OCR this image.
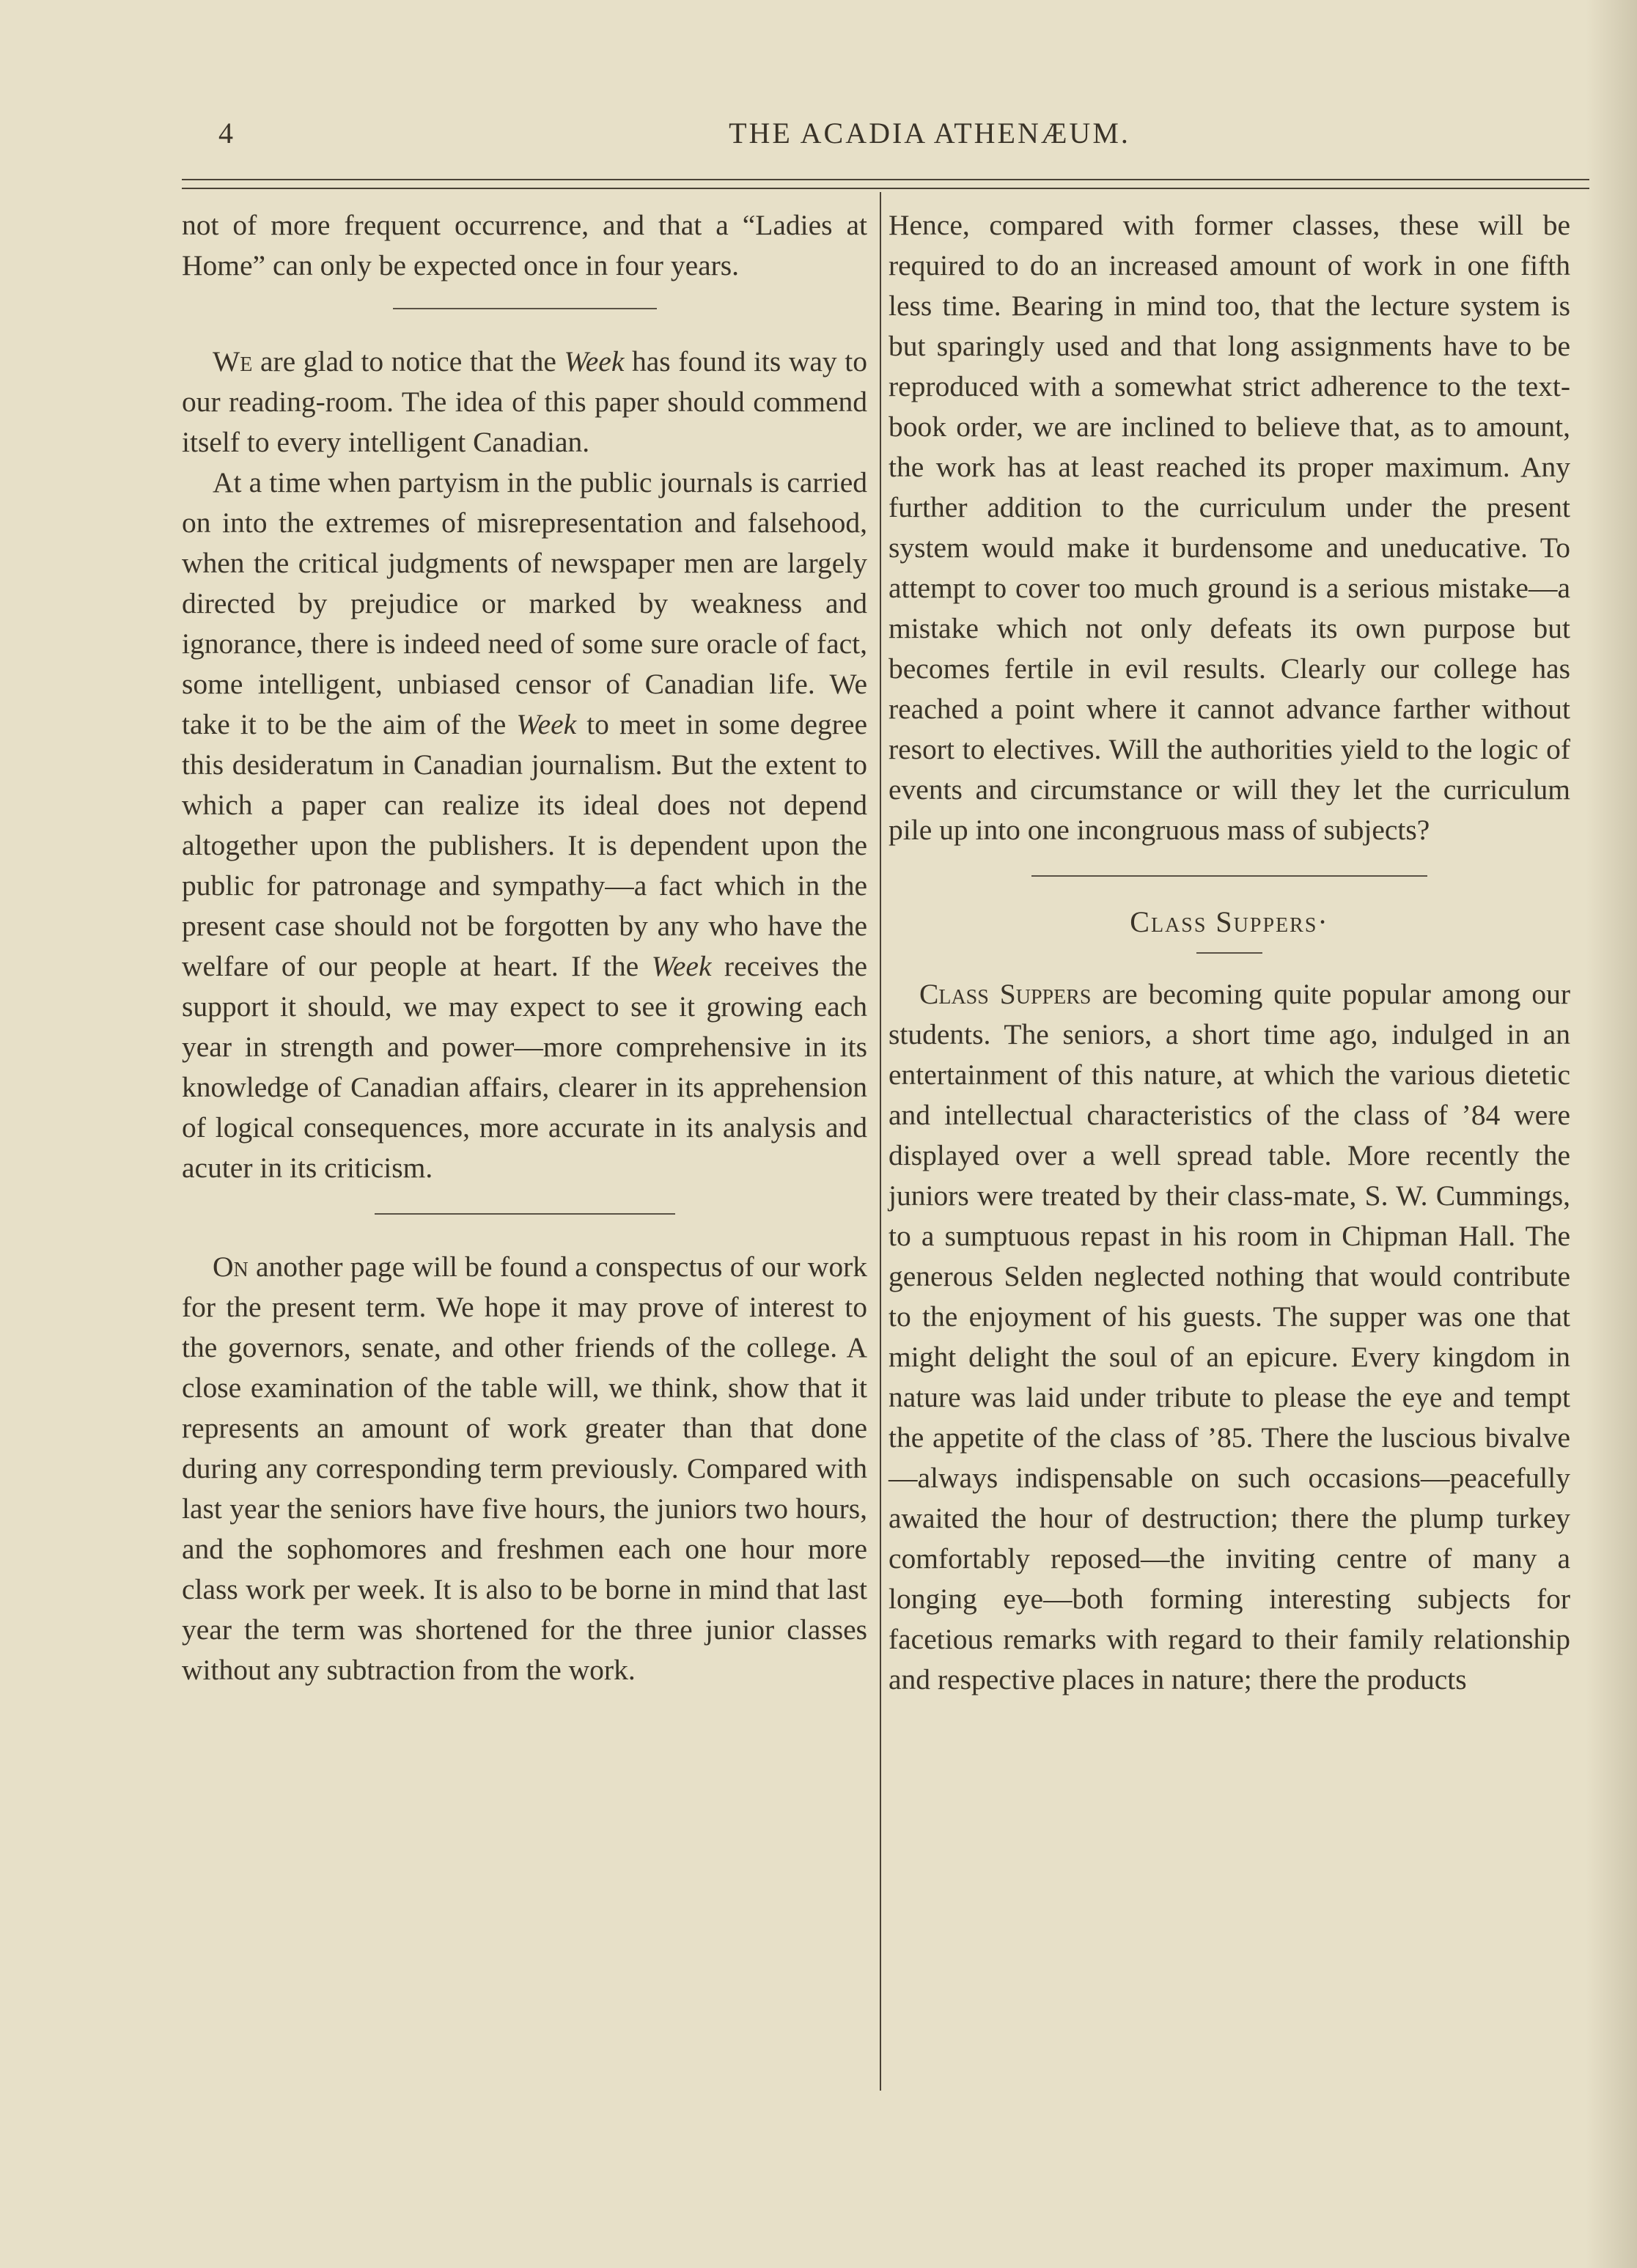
4	THE ACADIA ATHENÆUM.

not of more frequent occurrence, and that a “Ladies at Home” can only be expected once in four years.

We are glad to notice that the Week has found its way to our reading-room. The idea of this paper should commend itself to every intelligent Canadian.

At a time when partyism in the public journals is carried on into the extremes of misrepresentation and falsehood, when the critical judgments of newspaper men are largely directed by prejudice or marked by weakness and ignorance, there is indeed need of some sure oracle of fact, some intelligent, unbiased censor of Canadian life. We take it to be the aim of the Week to meet in some degree this desideratum in Canadian journalism. But the extent to which a paper can realize its ideal does not depend altogether upon the publishers. It is dependent upon the public for patronage and sympathy—a fact which in the present case should not be forgotten by any who have the welfare of our people at heart. If the Week receives the support it should, we may expect to see it growing each year in strength and power—more comprehensive in its knowledge of Canadian affairs, clearer in its apprehension of logical consequences, more accurate in its analysis and acuter in its criticism.

On another page will be found a conspectus of our work for the present term. We hope it may prove of interest to the governors, senate, and other friends of the college. A close examination of the table will, we think, show that it represents an amount of work greater than that done during any corresponding term previously. Compared with last year the seniors have five hours, the juniors two hours, and the sophomores and freshmen each one hour more class work per week. It is also to be borne in mind that last year the term was shortened for the three junior classes without any subtraction from the work.

Hence, compared with former classes, these will be required to do an increased amount of work in one fifth less time. Bearing in mind too, that the lecture system is but sparingly used and that long assignments have to be reproduced with a somewhat strict adherence to the text-book order, we are inclined to believe that, as to amount, the work has at least reached its proper maximum. Any further addition to the curriculum under the present system would make it burdensome and uneducative. To attempt to cover too much ground is a serious mistake—a mistake which not only defeats its own purpose but becomes fertile in evil results. Clearly our college has reached a point where it cannot advance farther without resort to electives. Will the authorities yield to the logic of events and circumstance or will they let the curriculum pile up into one incongruous mass of subjects?

Class Suppers·

Class Suppers are becoming quite popular among our students. The seniors, a short time ago, indulged in an entertainment of this nature, at which the various dietetic and intellectual characteristics of the class of ’84 were displayed over a well spread table. More recently the juniors were treated by their class-mate, S. W. Cummings, to a sumptuous repast in his room in Chipman Hall. The generous Selden neglected nothing that would contribute to the enjoyment of his guests. The supper was one that might delight the soul of an epicure. Every kingdom in nature was laid under tribute to please the eye and tempt the appetite of the class of ’85. There the luscious bivalve—always indispensable on such occasions—peacefully awaited the hour of destruction; there the plump turkey comfortably reposed—the inviting centre of many a longing eye—both forming interesting subjects for facetious remarks with regard to their family relationship and respective places in nature; there the products
